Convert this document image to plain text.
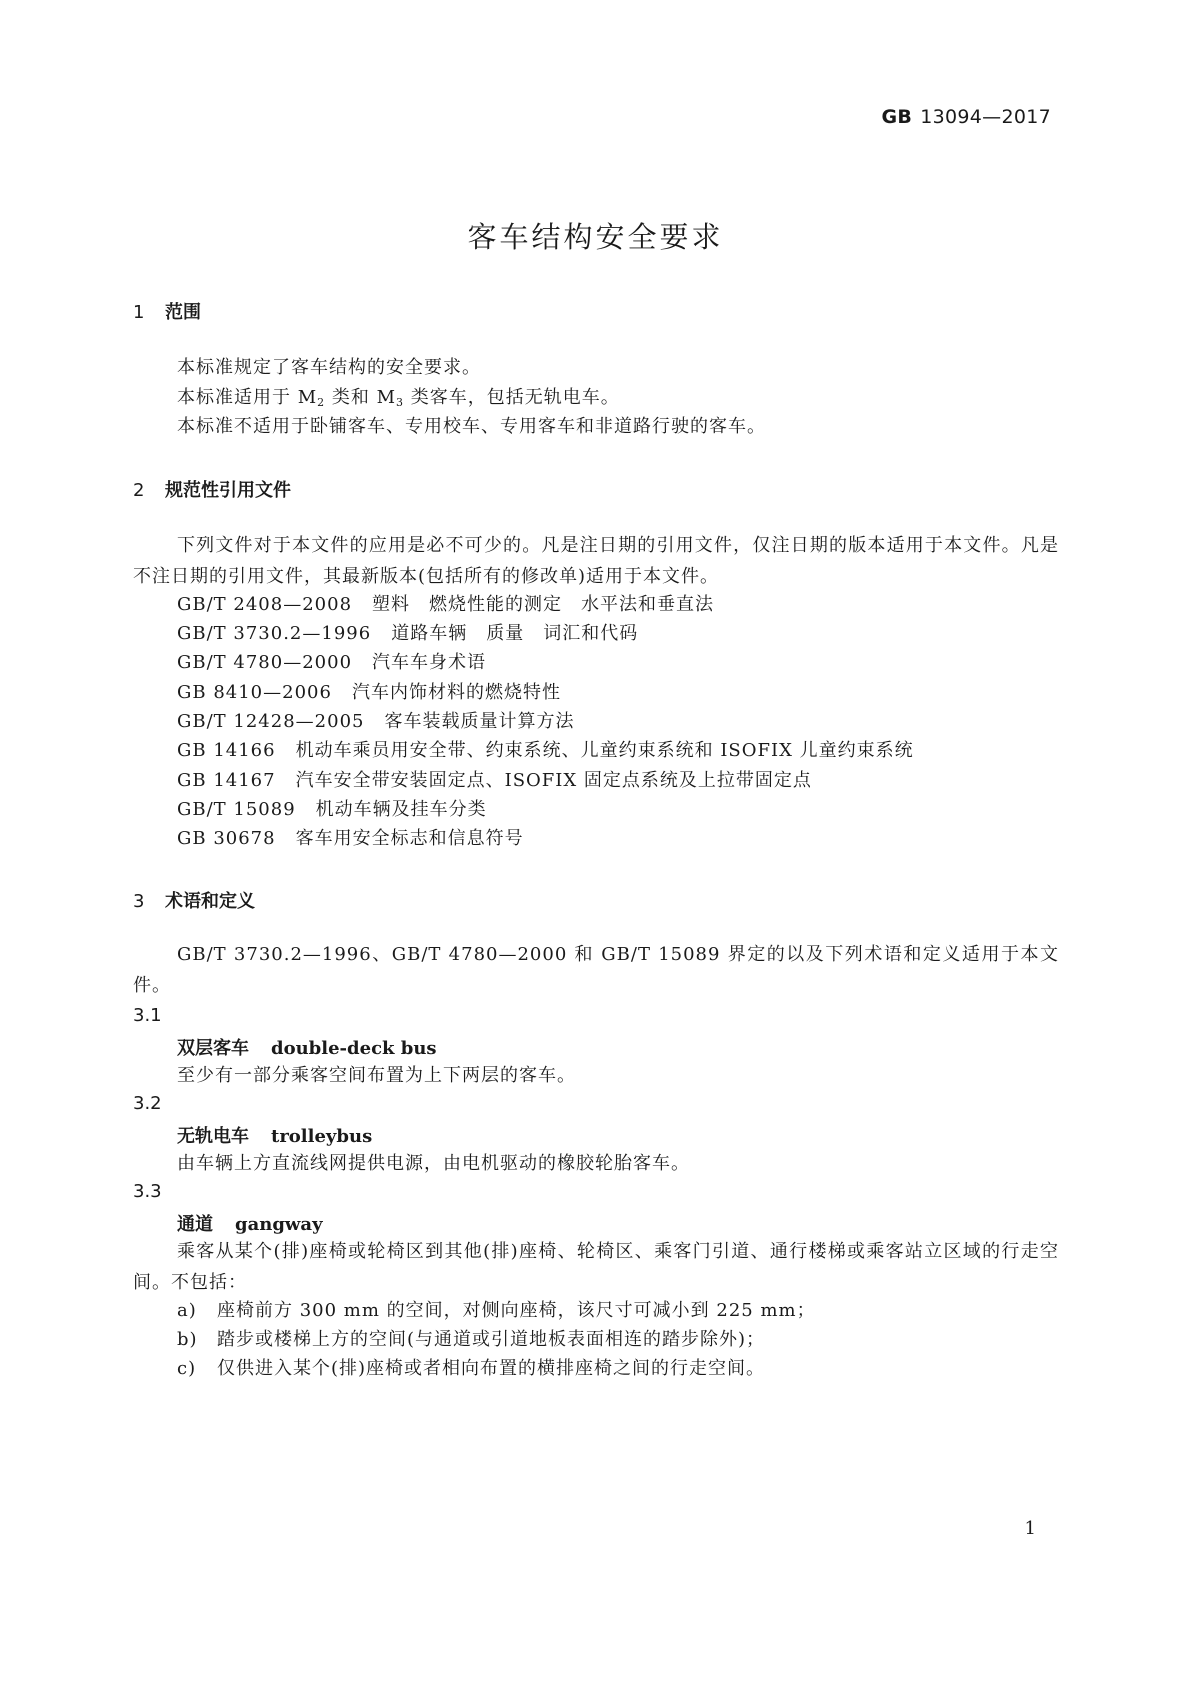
GB 13094—2017
客车结构安全要求
1 范围
本标准规定了客车结构的安全要求。
本标准适用于 $M_2$ 类和 $M_3$ 类客车，包括无轨电车。
本标准不适用于卧铺客车、专用校车、专用客车和非道路行驶的客车。
2 规范性引用文件
下列文件对于本文件的应用是必不可少的。凡是注日期的引用文件，仅注日期的版本适用于本文件。凡是不注日期的引用文件，其最新版本(包括所有的修改单)适用于本文件。
GB/T 2408—2008 塑料　燃烧性能的测定　水平法和垂直法
GB/T 3730.2—1996 道路车辆　质量　词汇和代码
GB/T 4780—2000 汽车车身术语
GB 8410—2006 汽车内饰材料的燃烧特性
GB/T 12428—2005 客车装载质量计算方法
GB 14166 机动车乘员用安全带、约束系统、儿童约束系统和 ISOFIX 儿童约束系统
GB 14167 汽车安全带安装固定点、ISOFIX 固定点系统及上拉带固定点
GB/T 15089 机动车辆及挂车分类
GB 30678 客车用安全标志和信息符号
3 术语和定义
GB/T 3730.2—1996、GB/T 4780—2000 和 GB/T 15089 界定的以及下列术语和定义适用于本文件。
3.1
双层客车 double-deck bus
至少有一部分乘客空间布置为上下两层的客车。
3.2
无轨电车 trolleybus
由车辆上方直流线网提供电源，由电机驱动的橡胶轮胎客车。
3.3
通道 gangway
乘客从某个(排)座椅或轮椅区到其他(排)座椅、轮椅区、乘客门引道、通行楼梯或乘客站立区域的行走空间。不包括：
a) 座椅前方 300 mm 的空间，对侧向座椅，该尺寸可减小到 225 mm；
b) 踏步或楼梯上方的空间(与通道或引道地板表面相连的踏步除外)；
c) 仅供进入某个(排)座椅或者相向布置的横排座椅之间的行走空间。
1
